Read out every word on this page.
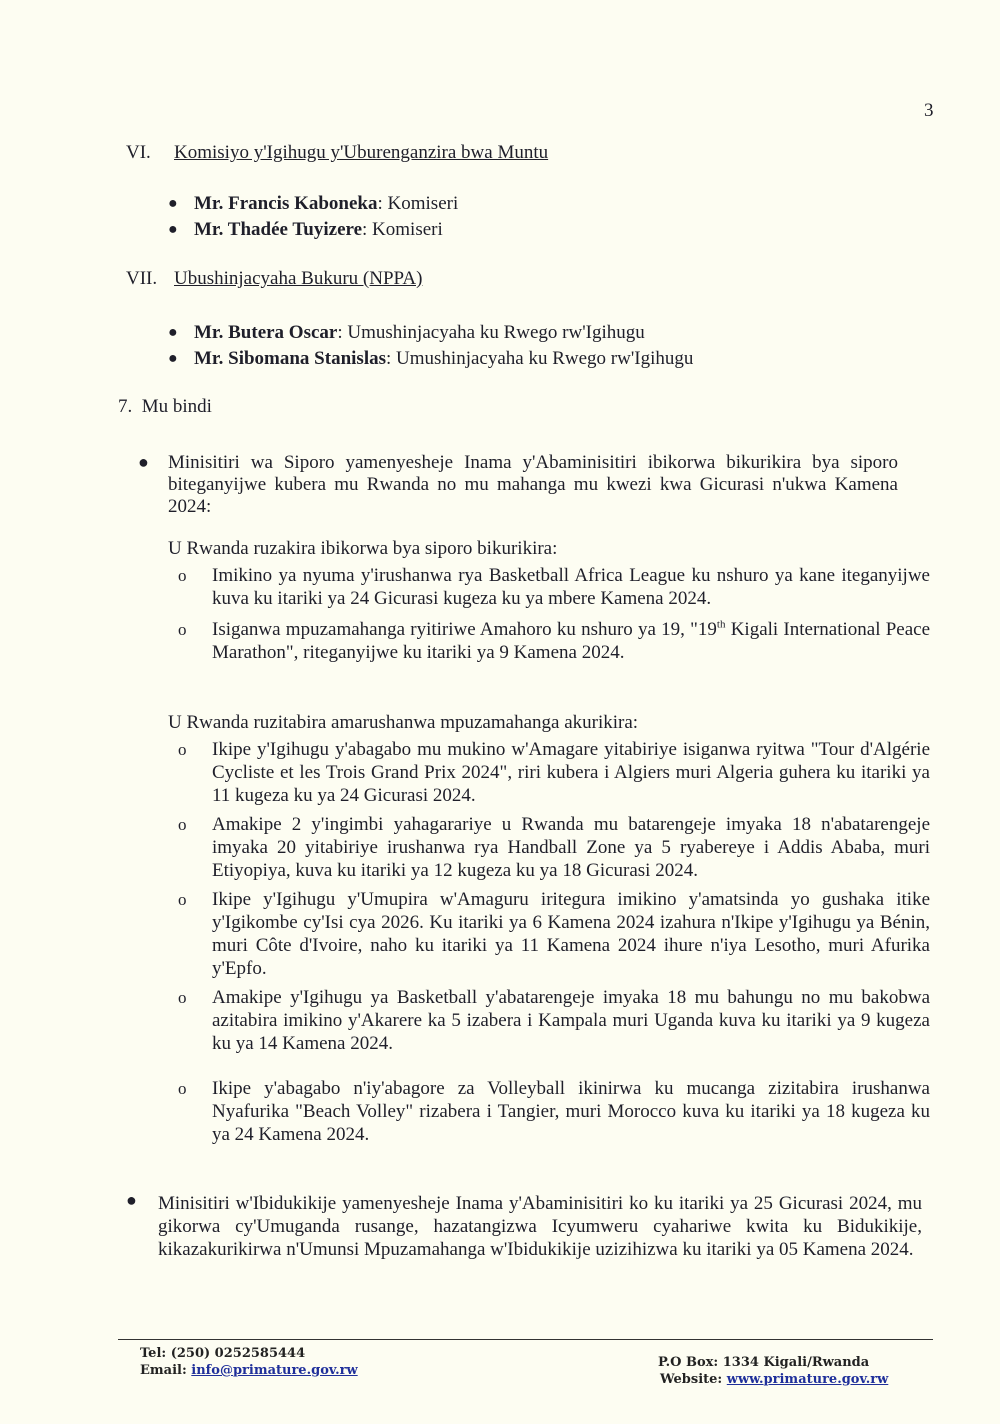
3
VI. Komisiyo y'Igihugu y'Uburenganzira bwa Muntu
● Mr. Francis Kaboneka: Komiseri
● Mr. Thadée Tuyizere: Komiseri
VII. Ubushinjacyaha Bukuru (NPPA)
● Mr. Butera Oscar: Umushinjacyaha ku Rwego rw'Igihugu
● Mr. Sibomana Stanislas: Umushinjacyaha ku Rwego rw'Igihugu
7.  Mu bindi
● Minisitiri wa Siporo yamenyesheje Inama y'Abaminisitiri ibikorwa bikurikira bya siporo biteganyijwe kubera mu Rwanda no mu mahanga mu kwezi kwa Gicurasi n'ukwa Kamena 2024:
U Rwanda ruzakira ibikorwa bya siporo bikurikira:
o Imikino ya nyuma y'irushanwa rya Basketball Africa League ku nshuro ya kane iteganyijwe kuva ku itariki ya 24 Gicurasi kugeza ku ya mbere Kamena 2024.
o Isiganwa mpuzamahanga ryitiriwe Amahoro ku nshuro ya 19, "19th Kigali International Peace Marathon", riteganyijwe ku itariki ya 9 Kamena 2024.
U Rwanda ruzitabira amarushanwa mpuzamahanga akurikira:
o Ikipe y'Igihugu y'abagabo mu mukino w'Amagare yitabiriye isiganwa ryitwa "Tour d'Algérie Cycliste et les Trois Grand Prix 2024", riri kubera i Algiers muri Algeria guhera ku itariki ya 11 kugeza ku ya 24 Gicurasi 2024.
o Amakipe 2 y'ingimbi yahagarariye u Rwanda mu batarengeje imyaka 18 n'abatarengeje imyaka 20 yitabiriye irushanwa rya Handball Zone ya 5 ryabereye i Addis Ababa, muri Etiyopiya, kuva ku itariki ya 12 kugeza ku ya 18 Gicurasi 2024.
o Ikipe y'Igihugu y'Umupira w'Amaguru iritegura imikino y'amatsinda yo gushaka itike y'Igikombe cy'Isi cya 2026. Ku itariki ya 6 Kamena 2024 izahura n'Ikipe y'Igihugu ya Bénin, muri Côte d'Ivoire, naho ku itariki ya 11 Kamena 2024 ihure n'iya Lesotho, muri Afurika y'Epfo.
o Amakipe y'Igihugu ya Basketball y'abatarengeje imyaka 18 mu bahungu no mu bakobwa azitabira imikino y'Akarere ka 5 izabera i Kampala muri Uganda kuva ku itariki ya 9 kugeza ku ya 14 Kamena 2024.
o Ikipe y'abagabo n'iy'abagore za Volleyball ikinirwa ku mucanga zizitabira irushanwa Nyafurika "Beach Volley" rizabera i Tangier, muri Morocco kuva ku itariki ya 18 kugeza ku ya 24 Kamena 2024.
● Minisitiri w'Ibidukikije yamenyesheje Inama y'Abaminisitiri ko ku itariki ya 25 Gicurasi 2024, mu gikorwa cy'Umuganda rusange, hazatangizwa Icyumweru cyahariwe kwita ku Bidukikije, kikazakurikirwa n'Umunsi Mpuzamahanga w'Ibidukikije uzizihizwa ku itariki ya 05 Kamena 2024.
Tel: (250) 0252585444
Email: info@primature.gov.rw
P.O Box: 1334 Kigali/Rwanda
Website: www.primature.gov.rw
